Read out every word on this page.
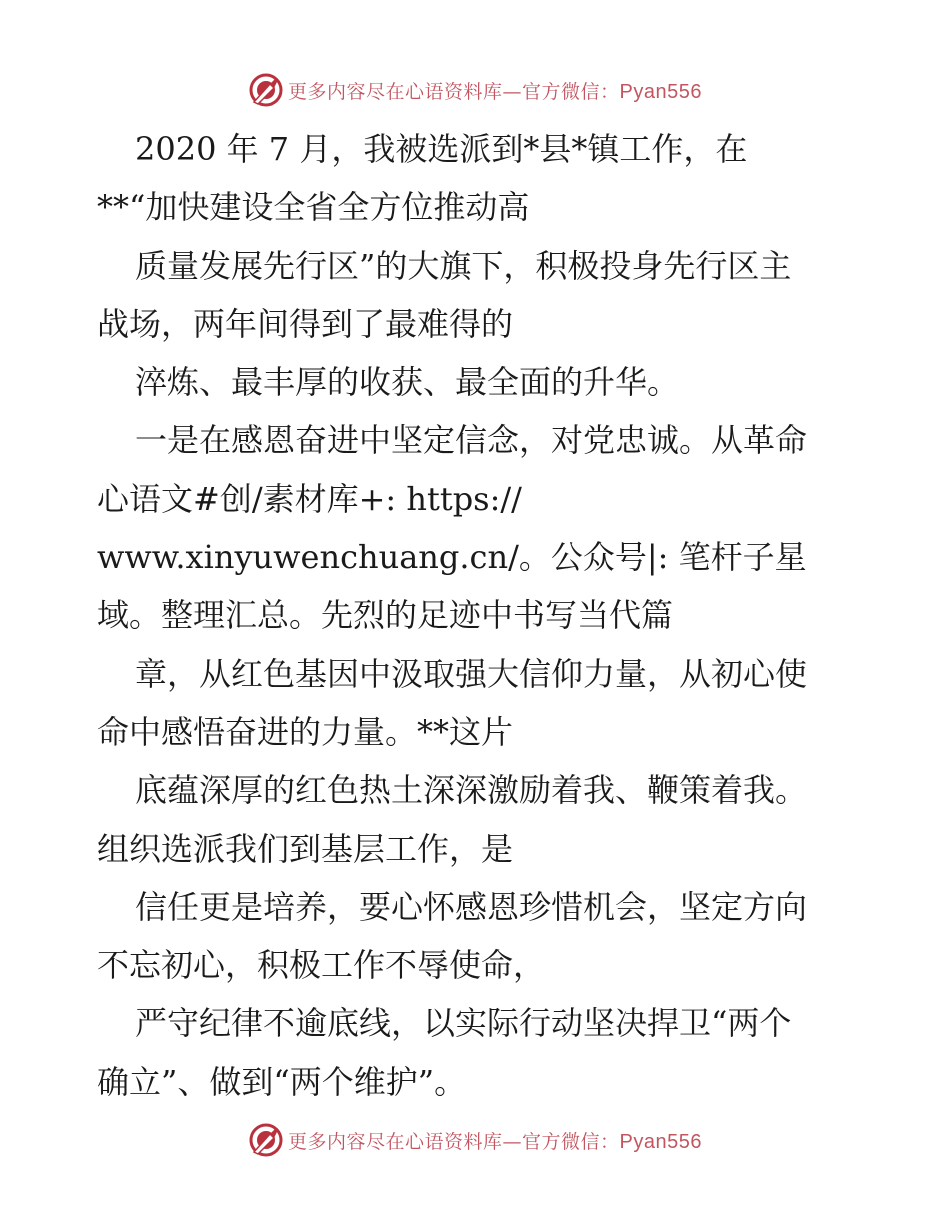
更多内容尽在心语资料库—官方微信：Pyan556
2020 年 7 月，我被选派到*县*镇工作，在
**“加快建设全省全方位推动高
质量发展先行区”的大旗下，积极投身先行区主
战场，两年间得到了最难得的
淬炼、最丰厚的收获、最全面的升华。
一是在感恩奋进中坚定信念，对党忠诚。从革命
心语文#创/素材库+: https://
www.xinyuwenchuang.cn/。公众号|: 笔杆子星
域。整理汇总。先烈的足迹中书写当代篇
章，从红色基因中汲取强大信仰力量，从初心使
命中感悟奋进的力量。**这片
底蕴深厚的红色热土深深激励着我、鞭策着我。
组织选派我们到基层工作，是
信任更是培养，要心怀感恩珍惜机会，坚定方向
不忘初心，积极工作不辱使命，
严守纪律不逾底线，以实际行动坚决捍卫“两个
确立”、做到“两个维护”。
更多内容尽在心语资料库—官方微信：Pyan556
